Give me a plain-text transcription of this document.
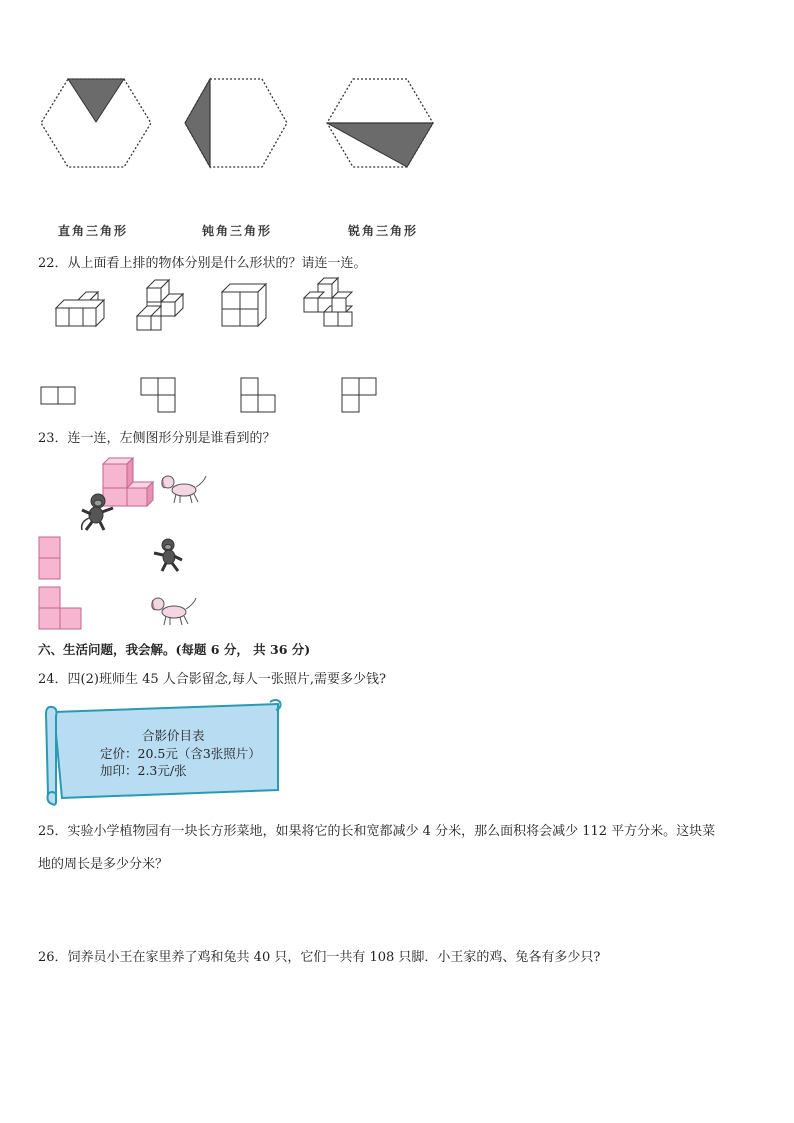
直角三角形	钝角三角形	锐角三角形
22．从上面看上排的物体分别是什么形状的？请连一连。
23．连一连，左侧图形分别是谁看到的？
六、生活问题，我会解。(每题 6 分， 共 36 分)
24．四(2)班师生 45 人合影留念,每人一张照片,需要多少钱?
合影价目表
定价：20.5元（含3张照片）
加印：2.3元/张
25．实验小学植物园有一块长方形菜地，如果将它的长和宽都减少 4 分米，那么面积将会减少 112 平方分米。这块菜
地的周长是多少分米？
26．饲养员小王在家里养了鸡和兔共 40 只，它们一共有 108 只脚．小王家的鸡、兔各有多少只?
